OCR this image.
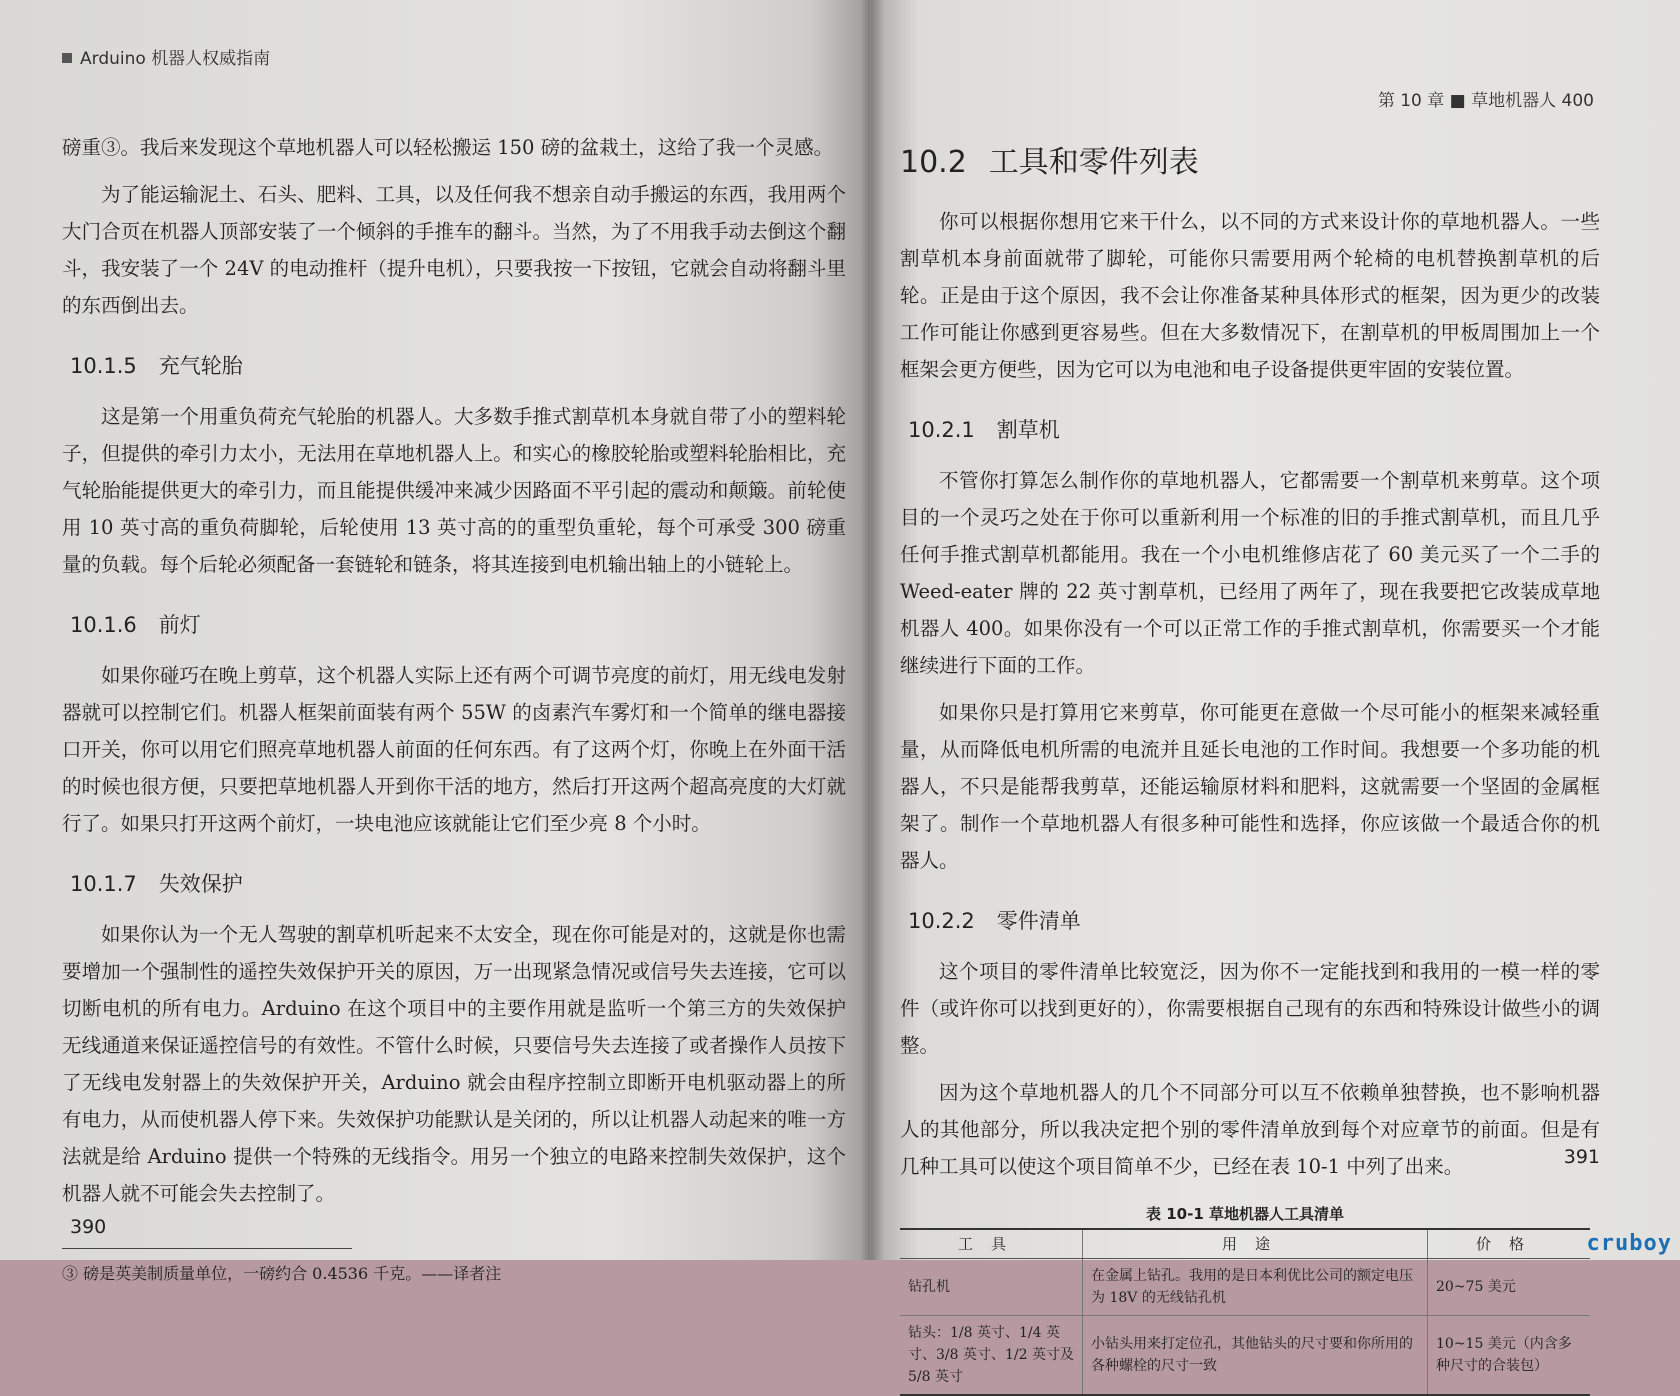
Arduino 机器人权威指南

磅重③。我后来发现这个草地机器人可以轻松搬运 150 磅的盆栽土，这给了我一个灵感。

为了能运输泥土、石头、肥料、工具，以及任何我不想亲自动手搬运的东西，我用两个大门合页在机器人顶部安装了一个倾斜的手推车的翻斗。当然，为了不用我手动去倒这个翻斗，我安装了一个 24V 的电动推杆（提升电机），只要我按一下按钮，它就会自动将翻斗里的东西倒出去。

10.1.5 充气轮胎

这是第一个用重负荷充气轮胎的机器人。大多数手推式割草机本身就自带了小的塑料轮子，但提供的牵引力太小，无法用在草地机器人上。和实心的橡胶轮胎或塑料轮胎相比，充气轮胎能提供更大的牵引力，而且能提供缓冲来减少因路面不平引起的震动和颠簸。前轮使用 10 英寸高的重负荷脚轮，后轮使用 13 英寸高的的重型负重轮，每个可承受 300 磅重量的负载。每个后轮必须配备一套链轮和链条，将其连接到电机输出轴上的小链轮上。

10.1.6 前灯

如果你碰巧在晚上剪草，这个机器人实际上还有两个可调节亮度的前灯，用无线电发射器就可以控制它们。机器人框架前面装有两个 55W 的卤素汽车雾灯和一个简单的继电器接口开关，你可以用它们照亮草地机器人前面的任何东西。有了这两个灯，你晚上在外面干活的时候也很方便，只要把草地机器人开到你干活的地方，然后打开这两个超高亮度的大灯就行了。如果只打开这两个前灯，一块电池应该就能让它们至少亮 8 个小时。

10.1.7 失效保护

如果你认为一个无人驾驶的割草机听起来不太安全，现在你可能是对的，这就是你也需要增加一个强制性的遥控失效保护开关的原因，万一出现紧急情况或信号失去连接，它可以切断电机的所有电力。Arduino 在这个项目中的主要作用就是监听一个第三方的失效保护无线通道来保证遥控信号的有效性。不管什么时候，只要信号失去连接了或者操作人员按下了无线电发射器上的失效保护开关，Arduino 就会由程序控制立即断开电机驱动器上的所有电力，从而使机器人停下来。失效保护功能默认是关闭的，所以让机器人动起来的唯一方法就是给 Arduino 提供一个特殊的无线指令。用另一个独立的电路来控制失效保护，这个机器人就不可能会失去控制了。

③ 磅是英美制质量单位，一磅约合 0.4536 千克。——译者注
390
第 10 章 ■ 草地机器人 400
10.2 工具和零件列表

你可以根据你想用它来干什么，以不同的方式来设计你的草地机器人。一些割草机本身前面就带了脚轮，可能你只需要用两个轮椅的电机替换割草机的后轮。正是由于这个原因，我不会让你准备某种具体形式的框架，因为更少的改装工作可能让你感到更容易些。但在大多数情况下，在割草机的甲板周围加上一个框架会更方便些，因为它可以为电池和电子设备提供更牢固的安装位置。

10.2.1 割草机

不管你打算怎么制作你的草地机器人，它都需要一个割草机来剪草。这个项目的一个灵巧之处在于你可以重新利用一个标准的旧的手推式割草机，而且几乎任何手推式割草机都能用。我在一个小电机维修店花了 60 美元买了一个二手的 Weed-eater 牌的 22 英寸割草机，已经用了两年了，现在我要把它改装成草地机器人 400。如果你没有一个可以正常工作的手推式割草机，你需要买一个才能继续进行下面的工作。

如果你只是打算用它来剪草，你可能更在意做一个尽可能小的框架来减轻重量，从而降低电机所需的电流并且延长电池的工作时间。我想要一个多功能的机器人，不只是能帮我剪草，还能运输原材料和肥料，这就需要一个坚固的金属框架了。制作一个草地机器人有很多种可能性和选择，你应该做一个最适合你的机器人。

10.2.2 零件清单

这个项目的零件清单比较宽泛，因为你不一定能找到和我用的一模一样的零件（或许你可以找到更好的），你需要根据自己现有的东西和特殊设计做些小的调整。

因为这个草地机器人的几个不同部分可以互不依赖单独替换，也不影响机器人的其他部分，所以我决定把个别的零件清单放到每个对应章节的前面。但是有几种工具可以使这个项目简单不少，已经在表 10-1 中列了出来。

表 10-1 草地机器人工具清单
工具	用途	价格
钻孔机	在金属上钻孔。我用的是日本利优比公司的额定电压为 18V 的无线钻孔机	20~75 美元
钻头：1/8 英寸、1/4 英寸、3/8 英寸、1/2 英寸及 5/8 英寸	小钻头用来打定位孔，其他钻头的尺寸要和你所用的各种螺栓的尺寸一致	10~15 美元（内含多种尺寸的合装包）
391
cruboy
